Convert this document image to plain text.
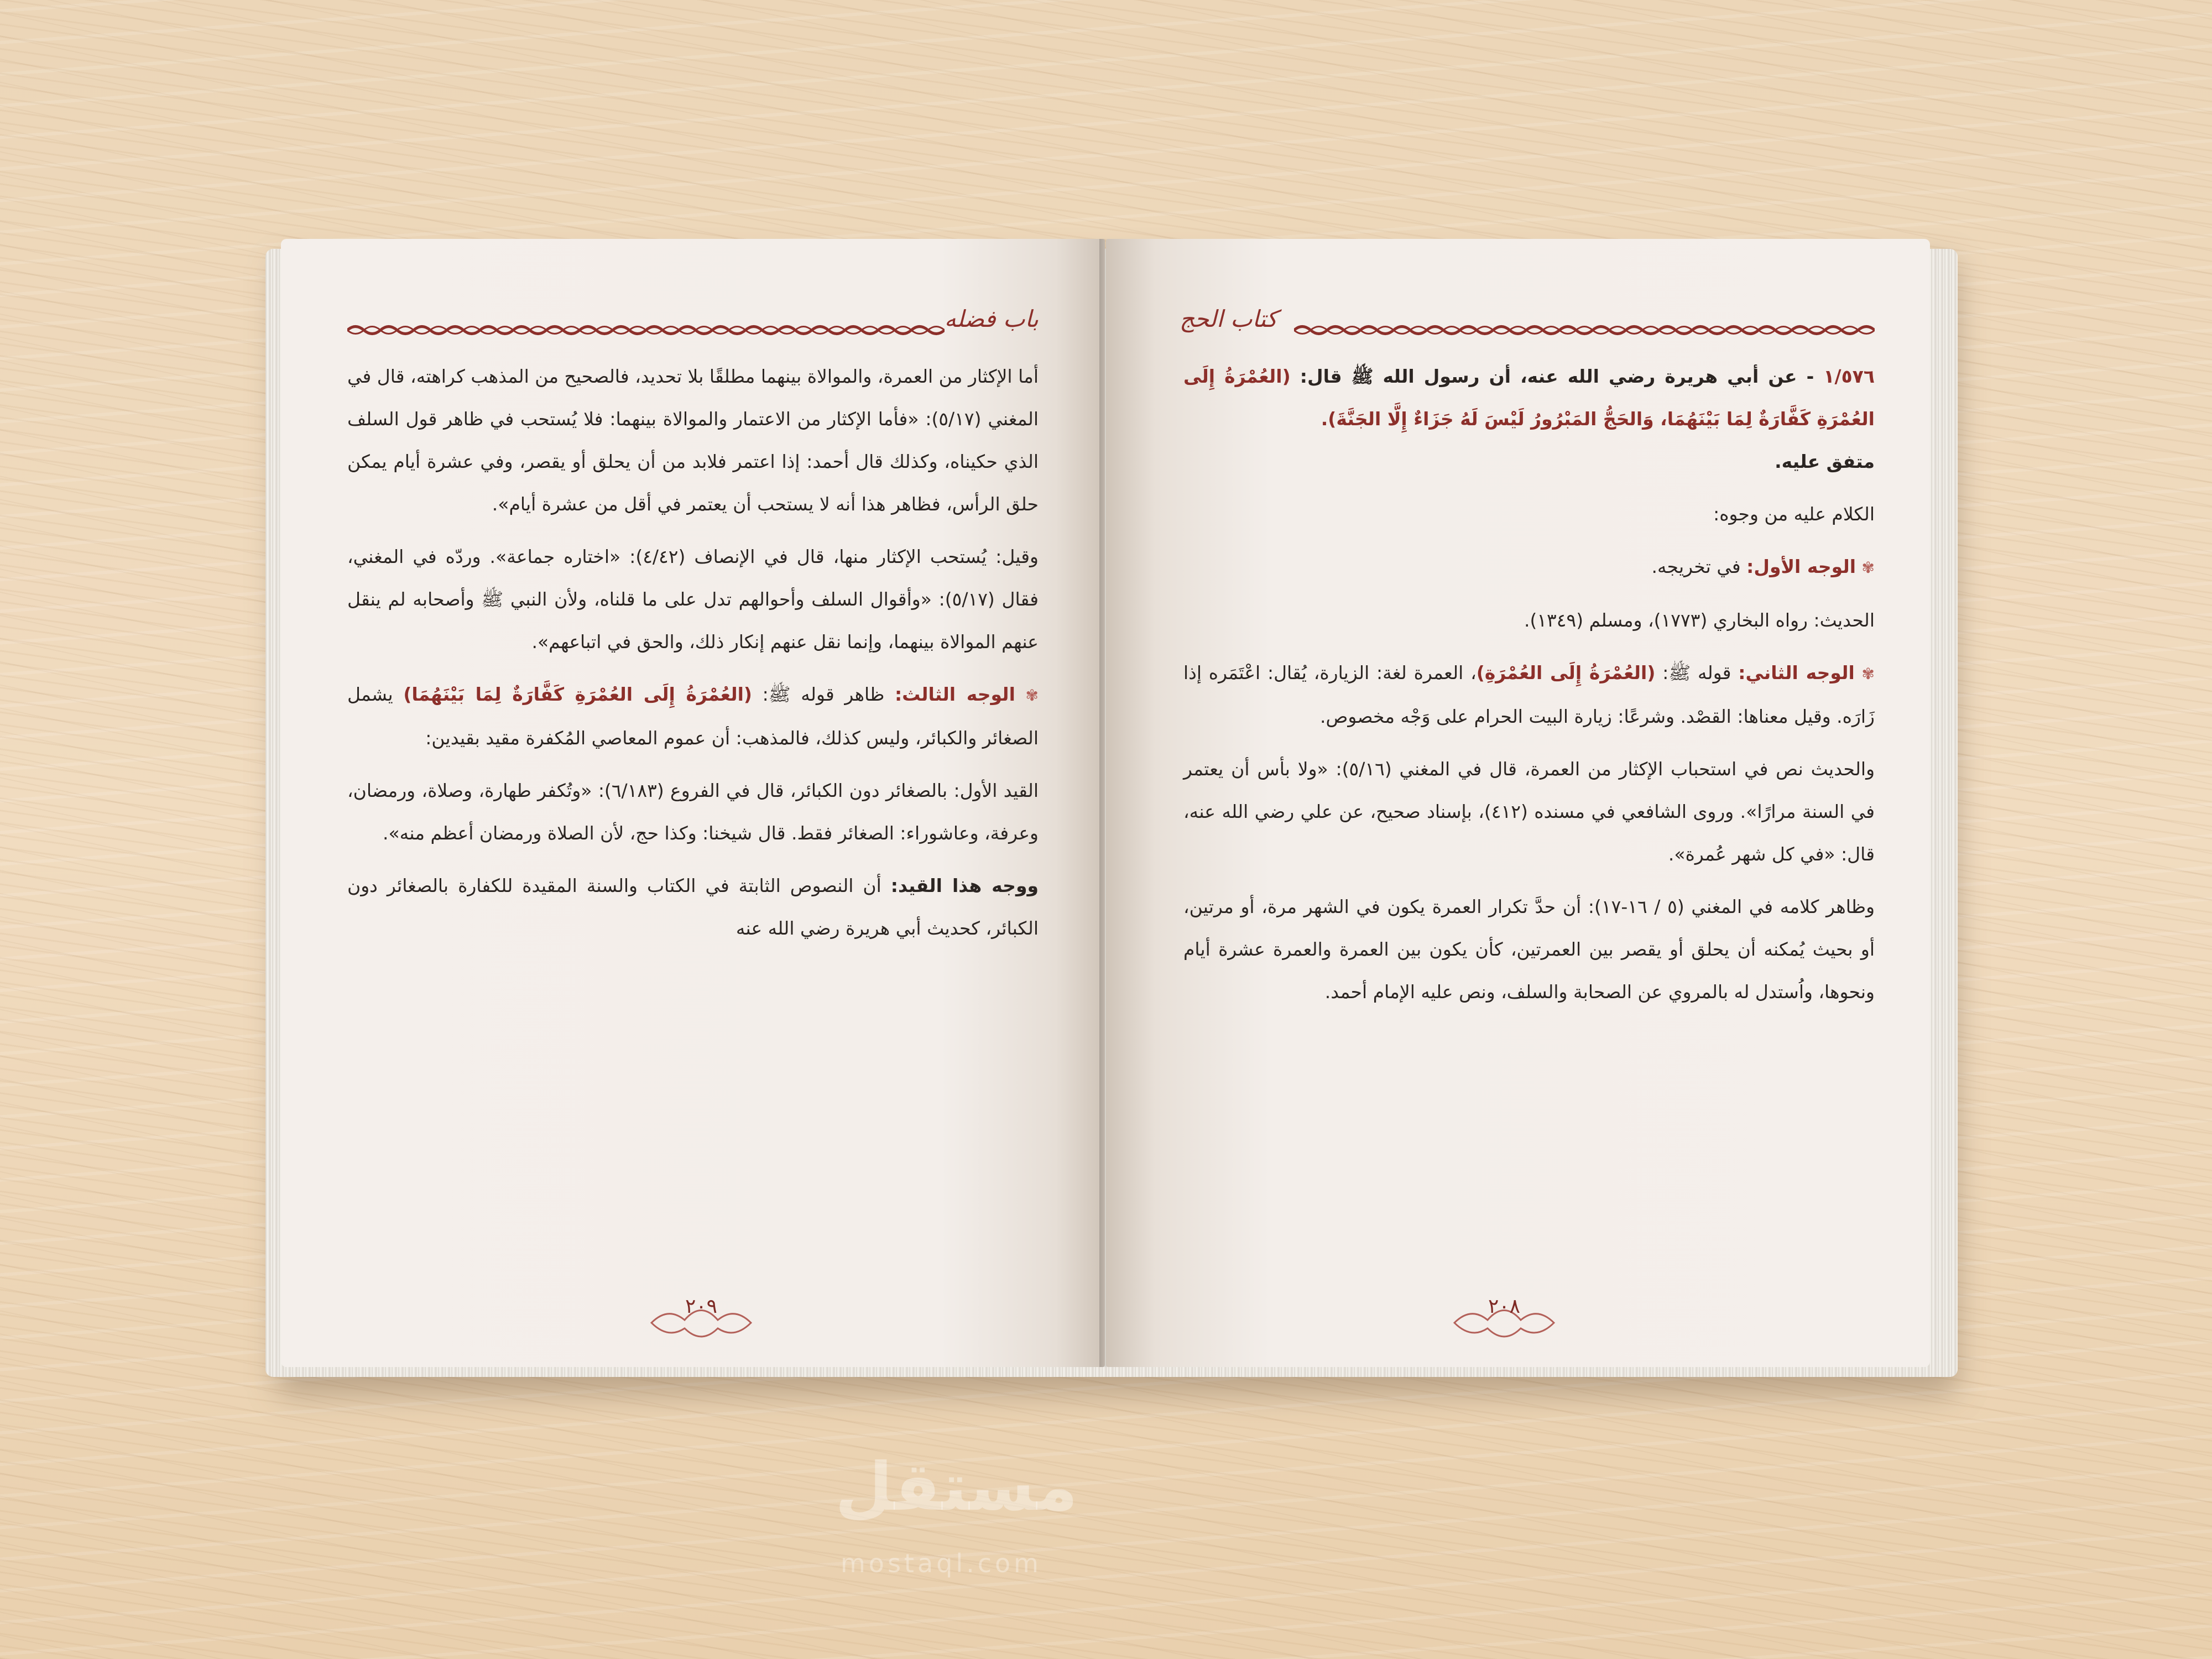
باب فضله

أما الإكثار من العمرة، والموالاة بينهما مطلقًا بلا تحديد، فالصحيح من المذهب كراهته، قال في المغني (٥/١٧): «فأما الإكثار من الاعتمار والموالاة بينهما: فلا يُستحب في ظاهر قول السلف الذي حكيناه، وكذلك قال أحمد: إذا اعتمر فلابد من أن يحلق أو يقصر، وفي عشرة أيام يمكن حلق الرأس، فظاهر هذا أنه لا يستحب أن يعتمر في أقل من عشرة أيام».

وقيل: يُستحب الإكثار منها، قال في الإنصاف (٤/٤٢): «اختاره جماعة». وردّه في المغني، فقال (٥/١٧): «وأقوال السلف وأحوالهم تدل على ما قلناه، ولأن النبي ﷺ وأصحابه لم ينقل عنهم الموالاة بينهما، وإنما نقل عنهم إنكار ذلك، والحق في اتباعهم».

✾ الوجه الثالث: ظاهر قوله ﷺ: (العُمْرَةُ إِلَى العُمْرَةِ كَفَّارَةٌ لِمَا بَيْنَهُمَا) يشمل الصغائر والكبائر، وليس كذلك، فالمذهب: أن عموم المعاصي المُكفرة مقيد بقيدين:

القيد الأول: بالصغائر دون الكبائر، قال في الفروع (٦/١٨٣): «وتُكفر طهارة، وصلاة، ورمضان، وعرفة، وعاشوراء: الصغائر فقط. قال شيخنا: وكذا حج، لأن الصلاة ورمضان أعظم منه».

ووجه هذا القيد: أن النصوص الثابتة في الكتاب والسنة المقيدة للكفارة بالصغائر دون الكبائر، كحديث أبي هريرة رضي الله عنه

٢٠٩
كتاب الحج

١/٥٧٦ - عن أبي هريرة رضي الله عنه، أن رسول الله ﷺ قال: (العُمْرَةُ إِلَى العُمْرَةِ كَفَّارَةٌ لِمَا بَيْنَهُمَا، وَالحَجُّ المَبْرُورُ لَيْسَ لَهُ جَزَاءٌ إِلَّا الجَنَّةَ).
متفق عليه.

الكلام عليه من وجوه:

✾ الوجه الأول: في تخريجه.

الحديث: رواه البخاري (١٧٧٣)، ومسلم (١٣٤٩).

✾ الوجه الثاني: قوله ﷺ: (العُمْرَةُ إِلَى العُمْرَةِ)، العمرة لغة: الزيارة، يُقال: اعْتَمَره إذا زَارَه. وقيل معناها: القصْد. وشرعًا: زيارة البيت الحرام على وَجْه مخصوص.

والحديث نص في استحباب الإكثار من العمرة، قال في المغني (٥/١٦): «ولا بأس أن يعتمر في السنة مرارًا». وروى الشافعي في مسنده (٤١٢)، بإسناد صحيح، عن علي رضي الله عنه، قال: «في كل شهر عُمرة».

وظاهر كلامه في المغني (٥ / ١٦-١٧): أن حدَّ تكرار العمرة يكون في الشهر مرة، أو مرتين، أو بحيث يُمكنه أن يحلق أو يقصر بين العمرتين، كأن يكون بين العمرة والعمرة عشرة أيام ونحوها، واُستدل له بالمروي عن الصحابة والسلف، ونص عليه الإمام أحمد.

٢٠٨
مستقل
mostaql.com
